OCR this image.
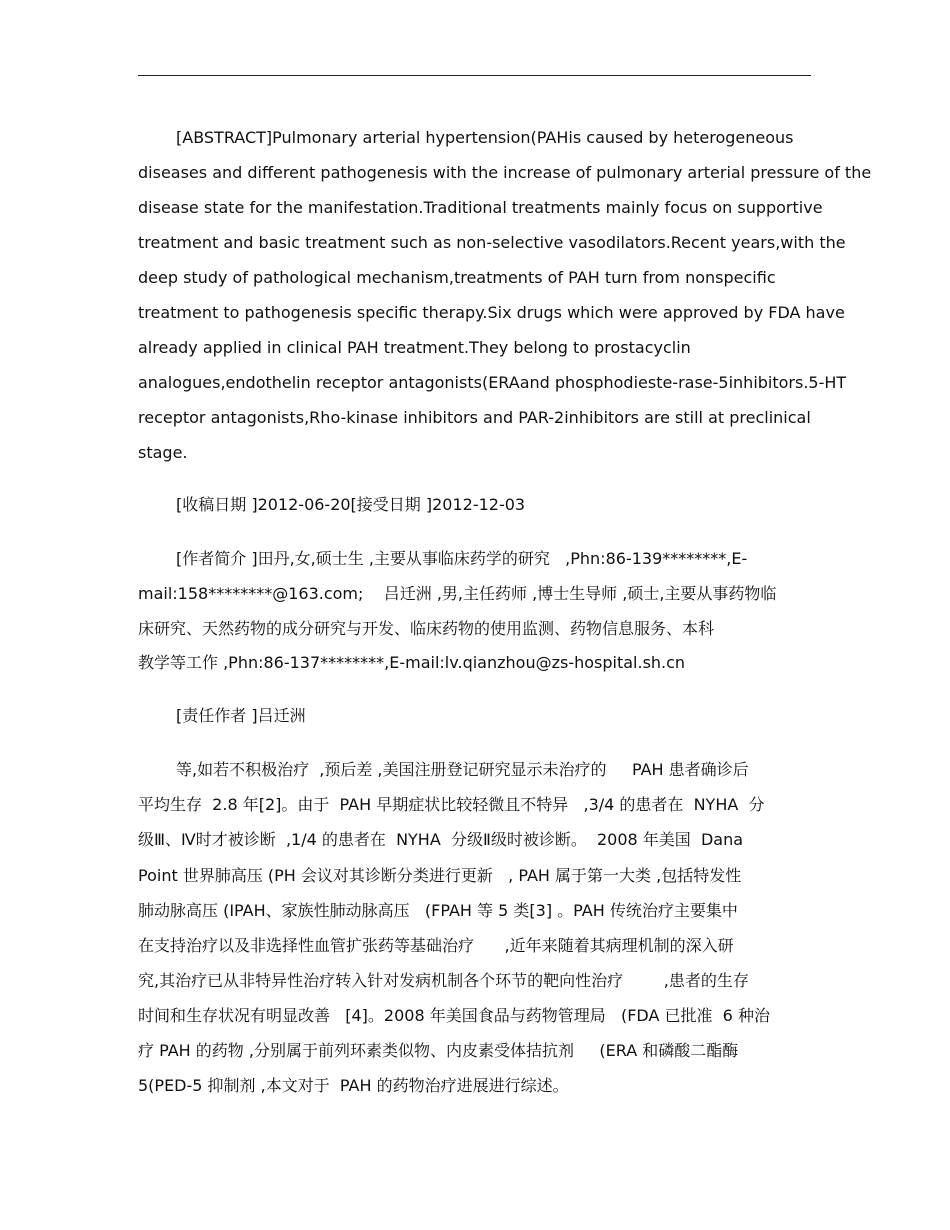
[ABSTRACT]Pulmonary arterial hypertension(PAHis caused by heterogeneous
diseases and different pathogenesis with the increase of pulmonary arterial pressure of the
disease state for the manifestation.Traditional treatments mainly focus on supportive
treatment and basic treatment such as non-selective vasodilators.Recent years,with the
deep study of pathological mechanism,treatments of PAH turn from nonspecific
treatment to pathogenesis specific therapy.Six drugs which were approved by FDA have
already applied in clinical PAH treatment.They belong to prostacyclin
analogues,endothelin receptor antagonists(ERAand phosphodieste-rase-5inhibitors.5-HT
receptor antagonists,Rho-kinase inhibitors and PAR-2inhibitors are still at preclinical
stage.
[收稿日期 ]2012-06-20[接受日期 ]2012-12-03
[作者简介 ]田丹,女,硕士生 ,主要从事临床药学的研究   ,Phn:86-139********,E-
mail:158********@163.com;    吕迁洲 ,男,主任药师 ,博士生导师 ,硕士,主要从事药物临
床研究、天然药物的成分研究与开发、临床药物的使用监测、药物信息服务、本科
教学等工作 ,Phn:86-137********,E-mail:lv.qianzhou@zs-hospital.sh.cn
[责任作者 ]吕迁洲
等,如若不积极治疗  ,预后差 ,美国注册登记研究显示未治疗的     PAH 患者确诊后
平均生存  2.8 年[2]。由于  PAH 早期症状比较轻微且不特异   ,3/4 的患者在  NYHA  分
级Ⅲ、Ⅳ时才被诊断  ,1/4 的患者在  NYHA  分级Ⅱ级时被诊断。  2008 年美国  Dana
Point 世界肺高压 (PH 会议对其诊断分类进行更新   , PAH 属于第一大类 ,包括特发性
肺动脉高压 (IPAH、家族性肺动脉高压   (FPAH 等 5 类[3] 。PAH 传统治疗主要集中
在支持治疗以及非选择性血管扩张药等基础治疗      ,近年来随着其病理机制的深入研
究,其治疗已从非特异性治疗转入针对发病机制各个环节的靶向性治疗        ,患者的生存
时间和生存状况有明显改善   [4]。2008 年美国食品与药物管理局   (FDA 已批准  6 种治
疗 PAH 的药物 ,分别属于前列环素类似物、内皮素受体拮抗剂     (ERA 和磷酸二酯酶
5(PED-5 抑制剂 ,本文对于  PAH 的药物治疗进展进行综述。
